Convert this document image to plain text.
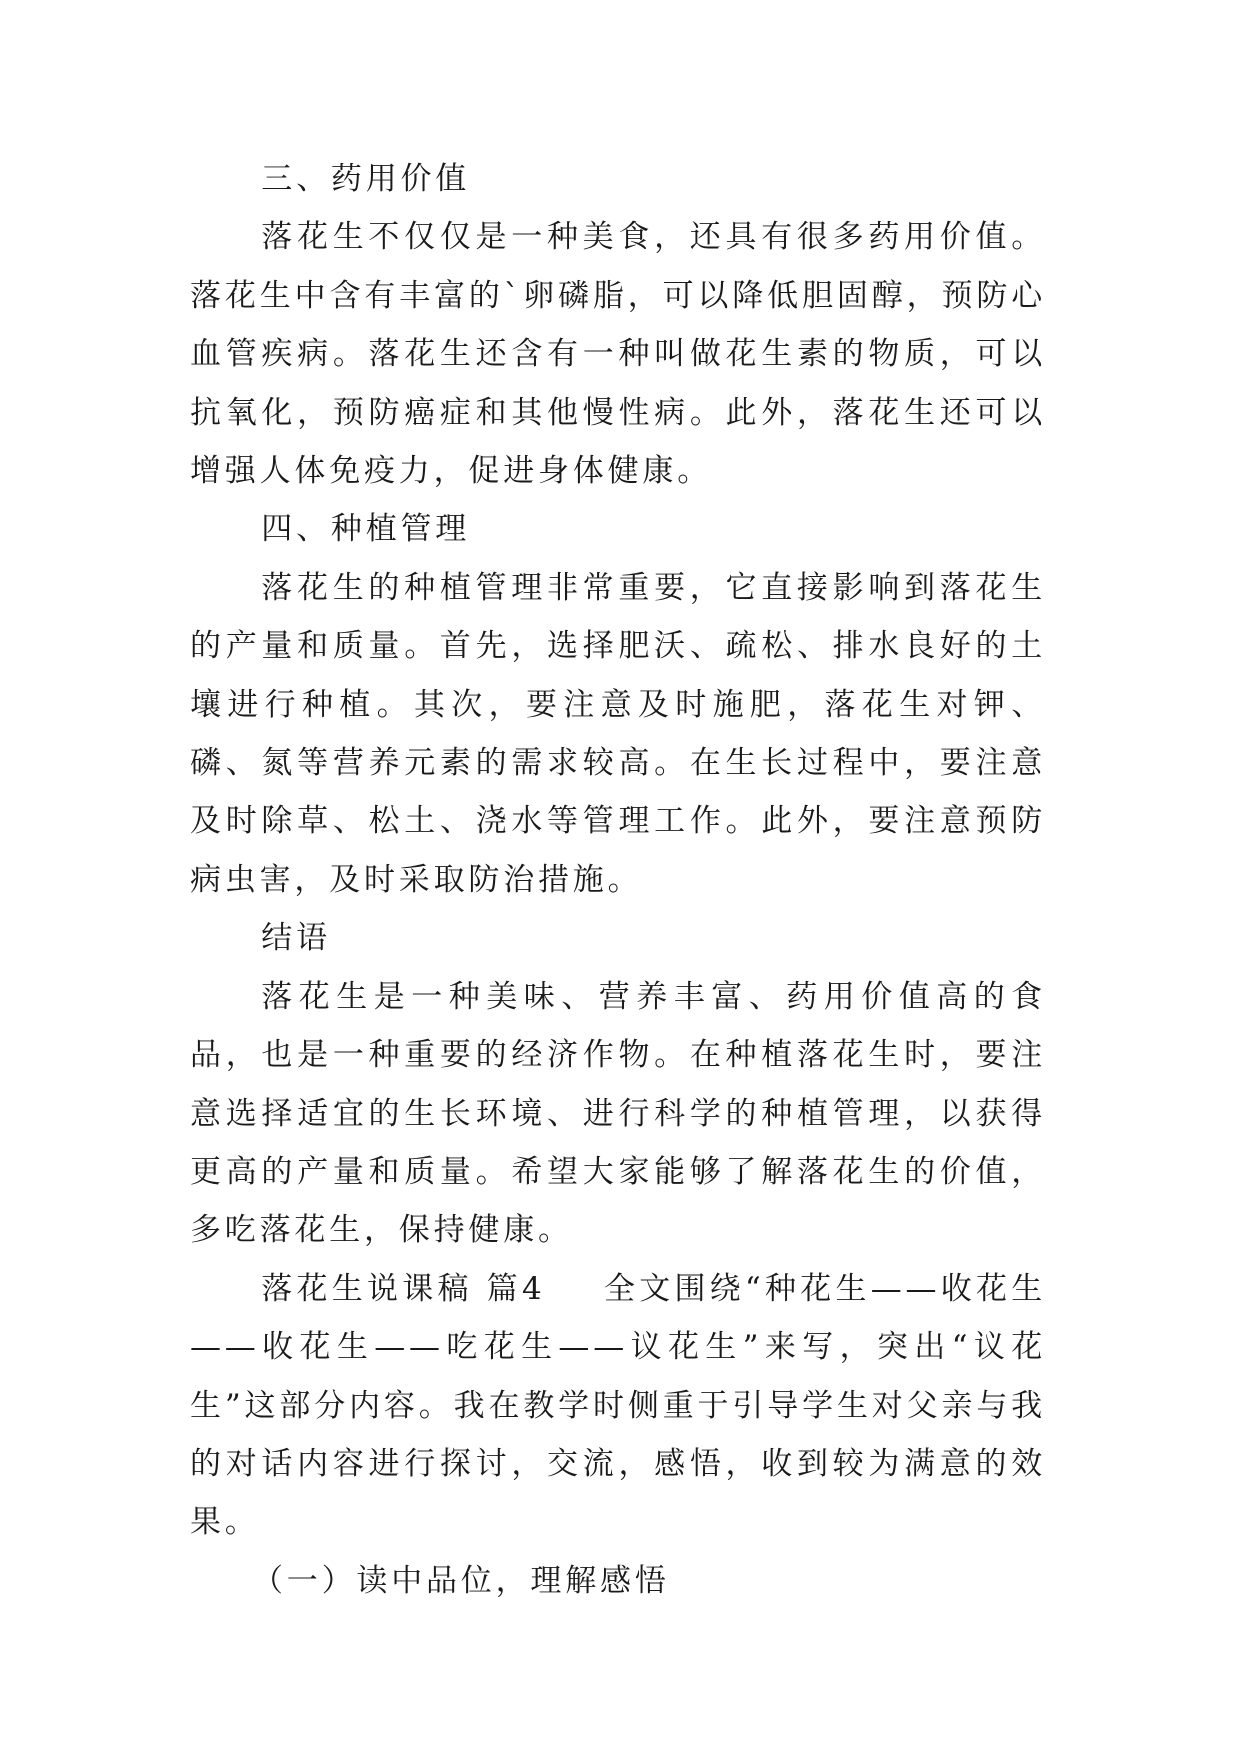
三、药用价值

落花生不仅仅是一种美食，还具有很多药用价值。落花生中含有丰富的`卵磷脂，可以降低胆固醇，预防心血管疾病。落花生还含有一种叫做花生素的物质，可以抗氧化，预防癌症和其他慢性病。此外，落花生还可以增强人体免疫力，促进身体健康。

四、种植管理

落花生的种植管理非常重要，它直接影响到落花生的产量和质量。首先，选择肥沃、疏松、排水良好的土壤进行种植。其次，要注意及时施肥，落花生对钾、磷、氮等营养元素的需求较高。在生长过程中，要注意及时除草、松土、浇水等管理工作。此外，要注意预防病虫害，及时采取防治措施。

结语

落花生是一种美味、营养丰富、药用价值高的食品，也是一种重要的经济作物。在种植落花生时，要注意选择适宜的生长环境、进行科学的种植管理，以获得更高的产量和质量。希望大家能够了解落花生的价值，多吃落花生，保持健康。

落花生说课稿 篇4 全文围绕“种花生——收花生——收花生——吃花生——议花生”来写，突出“议花生”这部分内容。我在教学时侧重于引导学生对父亲与我的对话内容进行探讨，交流，感悟，收到较为满意的效果。

（一）读中品位，理解感悟
